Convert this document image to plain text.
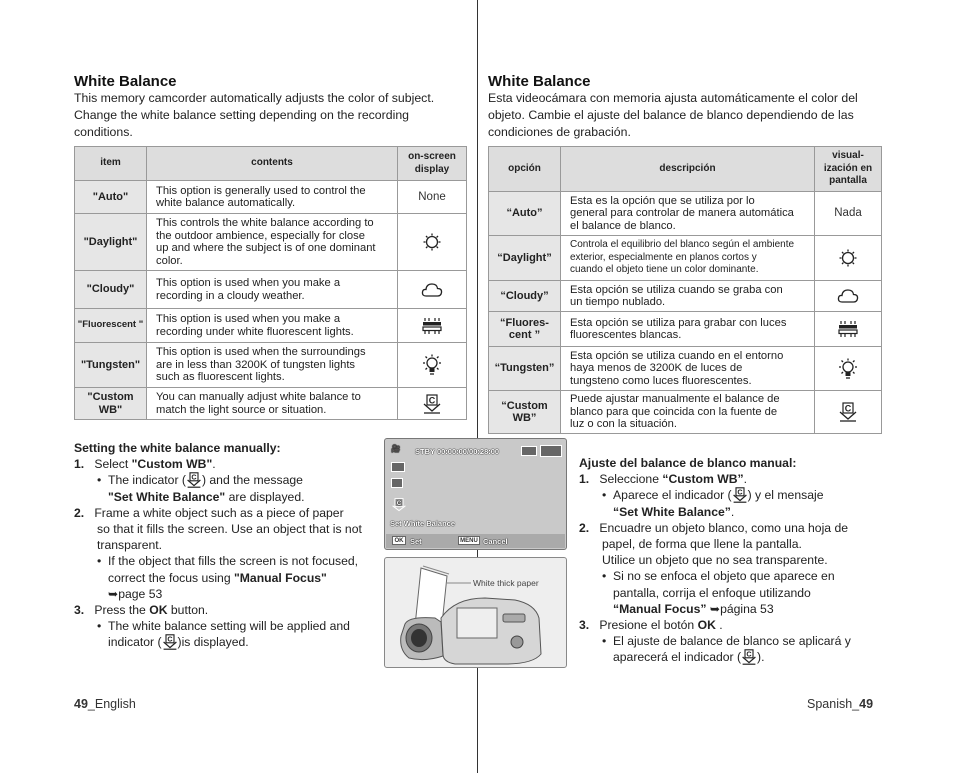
White Balance
This memory camcorder automatically adjusts the color of subject.
Change the white balance setting depending on the recording
conditions.
item	contents	on-screen display
"Auto"	This option is generally used to control the
white balance automatically.	None
"Daylight"	This controls the white balance according to
the outdoor ambience, especially for close
up and where the subject is of one dominant
color.

"Cloudy"	This option is used when you make a
recording in a cloudy weather.

"Fluorescent "	This option is used when you make a
recording under white fluorescent lights.

"Tungsten"	This option is used when the surroundings
are in less than 3200K of tungsten lights
such as fluorescent lights.

"Custom WB"	You can manually adjust white balance to
match the light source or situation.	C
Setting the white balance manually:
1. Select "Custom WB".
•  The indicator ( C ) and the message
"Set White Balance" are displayed.
2. Frame a white object such as a piece of paper
so that it fills the screen. Use an object that is not
transparent.
•  If the object that fills the screen is not focused,
correct the focus using "Manual Focus"
➥page 53
3. Press the OK button.
•  The white balance setting will be applied and
indicator ( C )is displayed.
🎥 STBY 00:00:00/00:28:00
C
Set White Balance
OK Set	MENU Cancel
White thick paper
49_English
White Balance
Esta videocámara con memoria ajusta automáticamente el color del
objeto. Cambie el ajuste del balance de blanco dependiendo de las
condiciones de grabación.
opción	descripción	visual-ización en pantalla
“Auto”	Esta es la opción que se utiliza por lo
general para controlar de manera automática
el balance de blanco.	Nada
“Daylight”	Controla el equilibrio del blanco según el ambiente
exterior, especialmente en planos cortos y
cuando el objeto tiene un color dominante.

“Cloudy”	Esta opción se utiliza cuando se graba con
un tiempo nublado.

“Fluores-cent ”	Esta opción se utiliza para grabar con luces
fluorescentes blancas.

“Tungsten”	Esta opción se utiliza cuando en el entorno
haya menos de 3200K de luces de
tungsteno como luces fluorescentes.

“Custom WB”	Puede ajustar manualmente el balance de
blanco para que coincida con la fuente de
luz o con la situación.	C
Ajuste del balance de blanco manual:
1. Seleccione “Custom WB”.
•  Aparece el indicador ( C ) y el mensaje
“Set White Balance”.
2. Encuadre un objeto blanco, como una hoja de
papel, de forma que llene la pantalla.
Utilice un objeto que no sea transparente.
•  Si no se enfoca el objeto que aparece en
pantalla, corrija el enfoque utilizando
“Manual Focus” ➥página 53
3. Presione el botón OK .
•  El ajuste de balance de blanco se aplicará y
aparecerá el indicador ( C ).
Spanish_49
